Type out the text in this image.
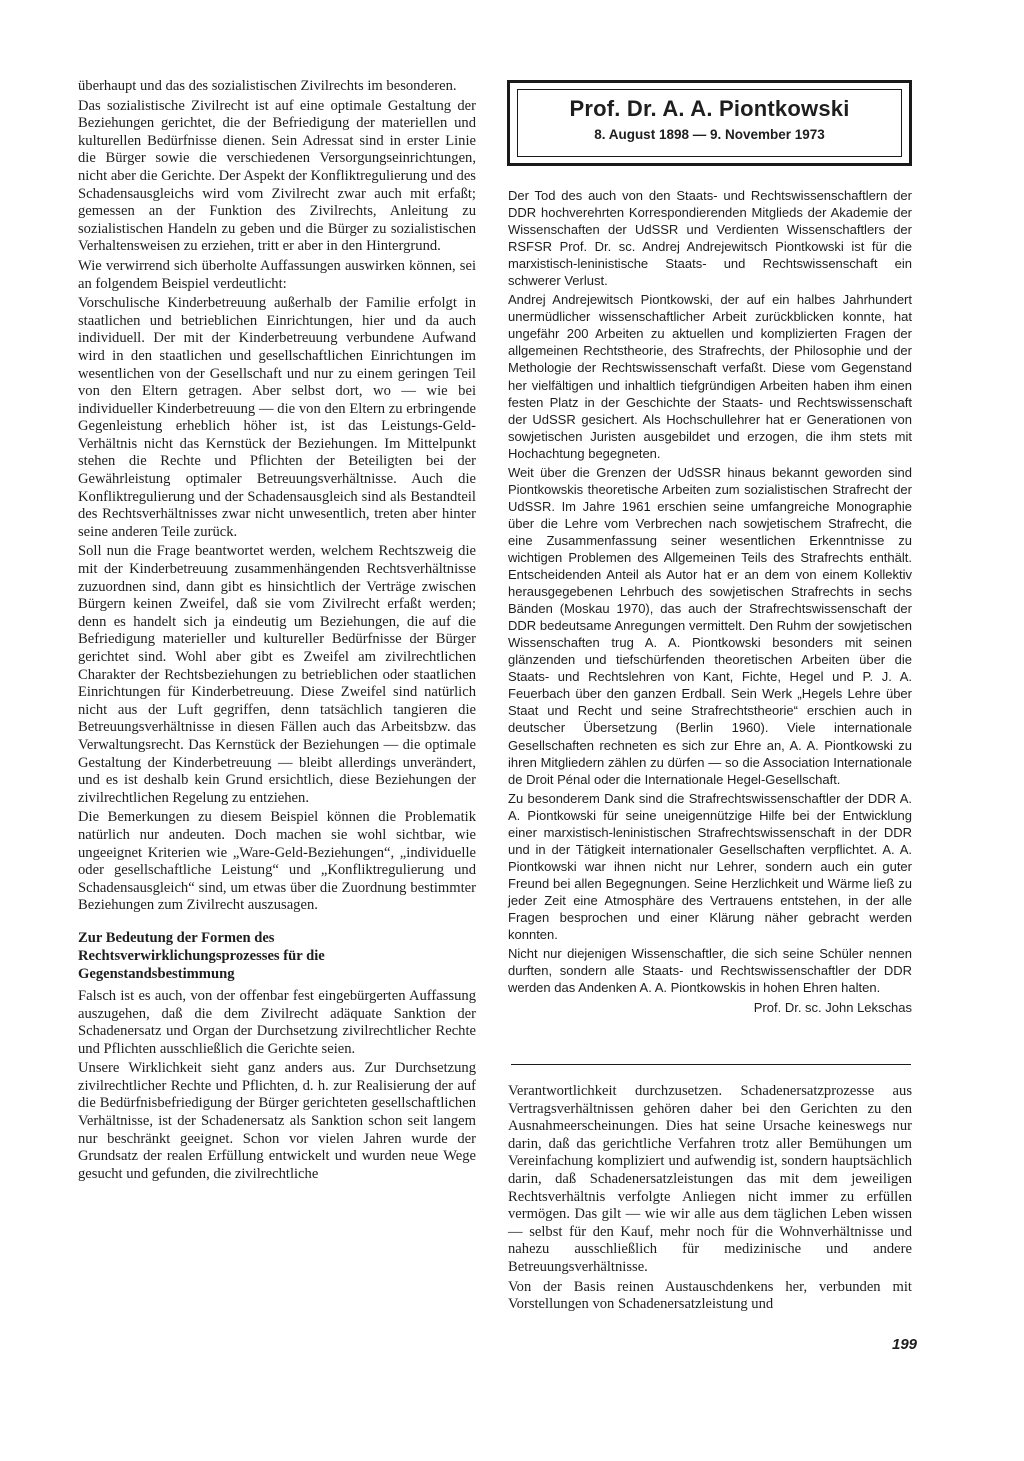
überhaupt und das des sozialistischen Zivilrechts im besonderen.

Das sozialistische Zivilrecht ist auf eine optimale Gestaltung der Beziehungen gerichtet, die der Befriedigung der materiellen und kulturellen Bedürfnisse dienen. Sein Adressat sind in erster Linie die Bürger sowie die verschiedenen Versorgungseinrichtungen, nicht aber die Gerichte. Der Aspekt der Konfliktregulierung und des Schadensausgleichs wird vom Zivilrecht zwar auch mit erfaßt; gemessen an der Funktion des Zivilrechts, Anleitung zu sozialistischen Handeln zu geben und die Bürger zu sozialistischen Verhaltensweisen zu erziehen, tritt er aber in den Hintergrund.

Wie verwirrend sich überholte Auffassungen auswirken können, sei an folgendem Beispiel verdeutlicht:

Vorschulische Kinderbetreuung außerhalb der Familie erfolgt in staatlichen und betrieblichen Einrichtungen, hier und da auch individuell. Der mit der Kinderbetreuung verbundene Aufwand wird in den staatlichen und gesellschaftlichen Einrichtungen im wesentlichen von der Gesellschaft und nur zu einem geringen Teil von den Eltern getragen. Aber selbst dort, wo — wie bei individueller Kinderbetreuung — die von den Eltern zu erbringende Gegenleistung erheblich höher ist, ist das Leistungs-Geld-Verhältnis nicht das Kernstück der Beziehungen. Im Mittelpunkt stehen die Rechte und Pflichten der Beteiligten bei der Gewährleistung optimaler Betreuungsverhältnisse. Auch die Konfliktregulierung und der Schadensausgleich sind als Bestandteil des Rechtsverhältnisses zwar nicht unwesentlich, treten aber hinter seine anderen Teile zurück.

Soll nun die Frage beantwortet werden, welchem Rechtszweig die mit der Kinderbetreuung zusammenhängenden Rechtsverhältnisse zuzuordnen sind, dann gibt es hinsichtlich der Verträge zwischen Bürgern keinen Zweifel, daß sie vom Zivilrecht erfaßt werden; denn es handelt sich ja eindeutig um Beziehungen, die auf die Befriedigung materieller und kultureller Bedürfnisse der Bürger gerichtet sind. Wohl aber gibt es Zweifel am zivilrechtlichen Charakter der Rechtsbeziehungen zu betrieblichen oder staatlichen Einrichtungen für Kinderbetreuung. Diese Zweifel sind natürlich nicht aus der Luft gegriffen, denn tatsächlich tangieren die Betreuungsverhältnisse in diesen Fällen auch das Arbeitsbzw. das Verwaltungsrecht. Das Kernstück der Beziehungen — die optimale Gestaltung der Kinderbetreuung — bleibt allerdings unverändert, und es ist deshalb kein Grund ersichtlich, diese Beziehungen der zivilrechtlichen Regelung zu entziehen.

Die Bemerkungen zu diesem Beispiel können die Problematik natürlich nur andeuten. Doch machen sie wohl sichtbar, wie ungeeignet Kriterien wie „Ware-Geld-Beziehungen“, „individuelle oder gesellschaftliche Leistung“ und „Konfliktregulierung und Schadensausgleich“ sind, um etwas über die Zuordnung bestimmter Beziehungen zum Zivilrecht auszusagen.

Zur Bedeutung der Formen des Rechtsverwirklichungsprozesses für die Gegenstandsbestimmung

Falsch ist es auch, von der offenbar fest eingebürgerten Auffassung auszugehen, daß die dem Zivilrecht adäquate Sanktion der Schadenersatz und Organ der Durchsetzung zivilrechtlicher Rechte und Pflichten ausschließlich die Gerichte seien.

Unsere Wirklichkeit sieht ganz anders aus. Zur Durchsetzung zivilrechtlicher Rechte und Pflichten, d. h. zur Realisierung der auf die Bedürfnisbefriedigung der Bürger gerichteten gesellschaftlichen Verhältnisse, ist der Schadenersatz als Sanktion schon seit langem nur beschränkt geeignet. Schon vor vielen Jahren wurde der Grundsatz der realen Erfüllung entwickelt und wurden neue Wege gesucht und gefunden, die zivilrechtliche

Prof. Dr. A. A. Piontkowski
8. August 1898 — 9. November 1973

Der Tod des auch von den Staats- und Rechtswissenschaftlern der DDR hochverehrten Korrespondierenden Mitglieds der Akademie der Wissenschaften der UdSSR und Verdienten Wissenschaftlers der RSFSR Prof. Dr. sc. Andrej Andrejewitsch Piontkowski ist für die marxistisch-leninistische Staats- und Rechtswissenschaft ein schwerer Verlust.

Andrej Andrejewitsch Piontkowski, der auf ein halbes Jahrhundert unermüdlicher wissenschaftlicher Arbeit zurückblicken konnte, hat ungefähr 200 Arbeiten zu aktuellen und komplizierten Fragen der allgemeinen Rechtstheorie, des Strafrechts, der Philosophie und der Methologie der Rechtswissenschaft verfaßt. Diese vom Gegenstand her vielfältigen und inhaltlich tiefgründigen Arbeiten haben ihm einen festen Platz in der Geschichte der Staats- und Rechtswissenschaft der UdSSR gesichert. Als Hochschullehrer hat er Generationen von sowjetischen Juristen ausgebildet und erzogen, die ihm stets mit Hochachtung begegneten.

Weit über die Grenzen der UdSSR hinaus bekannt geworden sind Piontkowskis theoretische Arbeiten zum sozialistischen Strafrecht der UdSSR. Im Jahre 1961 erschien seine umfangreiche Monographie über die Lehre vom Verbrechen nach sowjetischem Strafrecht, die eine Zusammenfassung seiner wesentlichen Erkenntnisse zu wichtigen Problemen des Allgemeinen Teils des Strafrechts enthält. Entscheidenden Anteil als Autor hat er an dem von einem Kollektiv herausgegebenen Lehrbuch des sowjetischen Strafrechts in sechs Bänden (Moskau 1970), das auch der Strafrechtswissenschaft der DDR bedeutsame Anregungen vermittelt. Den Ruhm der sowjetischen Wissenschaften trug A. A. Piontkowski besonders mit seinen glänzenden und tiefschürfenden theoretischen Arbeiten über die Staats- und Rechtslehren von Kant, Fichte, Hegel und P. J. A. Feuerbach über den ganzen Erdball. Sein Werk „Hegels Lehre über Staat und Recht und seine Strafrechtstheorie“ erschien auch in deutscher Übersetzung (Berlin 1960). Viele internationale Gesellschaften rechneten es sich zur Ehre an, A. A. Piontkowski zu ihren Mitgliedern zählen zu dürfen — so die Association Internationale de Droit Pénal oder die Internationale Hegel-Gesellschaft.

Zu besonderem Dank sind die Strafrechtswissenschaftler der DDR A. A. Piontkowski für seine uneigennützige Hilfe bei der Entwicklung einer marxistisch-leninistischen Strafrechtswissenschaft in der DDR und in der Tätigkeit internationaler Gesellschaften verpflichtet. A. A. Piontkowski war ihnen nicht nur Lehrer, sondern auch ein guter Freund bei allen Begegnungen. Seine Herzlichkeit und Wärme ließ zu jeder Zeit eine Atmosphäre des Vertrauens entstehen, in der alle Fragen besprochen und einer Klärung näher gebracht werden konnten.

Nicht nur diejenigen Wissenschaftler, die sich seine Schüler nennen durften, sondern alle Staats- und Rechtswissenschaftler der DDR werden das Andenken A. A. Piontkowskis in hohen Ehren halten.

Prof. Dr. sc. John Lekschas

Verantwortlichkeit durchzusetzen. Schadenersatzprozesse aus Vertragsverhältnissen gehören daher bei den Gerichten zu den Ausnahmeerscheinungen. Dies hat seine Ursache keineswegs nur darin, daß das gerichtliche Verfahren trotz aller Bemühungen um Vereinfachung kompliziert und aufwendig ist, sondern hauptsächlich darin, daß Schadenersatzleistungen das mit dem jeweiligen Rechtsverhältnis verfolgte Anliegen nicht immer zu erfüllen vermögen. Das gilt — wie wir alle aus dem täglichen Leben wissen — selbst für den Kauf, mehr noch für die Wohnverhältnisse und nahezu ausschließlich für medizinische und andere Betreuungsverhältnisse.

Von der Basis reinen Austauschdenkens her, verbunden mit Vorstellungen von Schadenersatzleistung und

199
